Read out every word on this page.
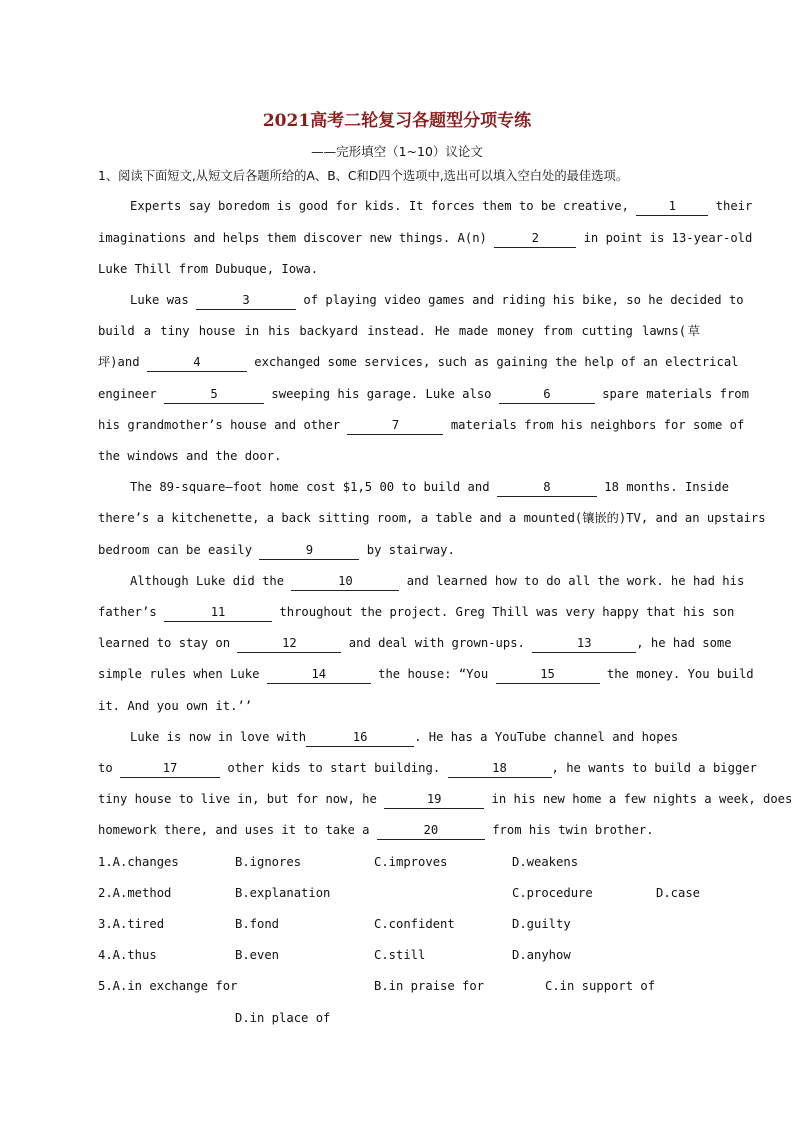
2021高考二轮复习各题型分项专练
——完形填空（1~10）议论文
1、阅读下面短文,从短文后各题所给的A、B、C和D四个选项中,选出可以填入空白处的最佳选项。
Experts say boredom is good for kids. It forces them to be creative,	1	their
imaginations and helps them discover new things. A(n)	2	in point is 13-year-old
Luke Thill from Dubuque, Iowa.
Luke was	3	of playing video games and riding his bike, so he decided to
build a tiny house in his backyard instead. He made money from cutting lawns(草
坪)and	4	exchanged some services, such as gaining the help of an electrical
engineer	5	sweeping his garage. Luke also	6	spare materials from
his grandmother’s house and other	7	materials from his neighbors for some of
the windows and the door.
The 89-square—foot home cost $1,5 00 to build and	8	18 months. Inside
there’s a kitchenette, a back sitting room, a table and a mounted(镶嵌的)TV, and an upstairs
bedroom can be easily	9	by stairway.
Although Luke did the	10	and learned how to do all the work. he had his
father’s	11	throughout the project. Greg Thill was very happy that his son
learned to stay on	12	and deal with grown-ups.	13	, he had some
simple rules when Luke	14	the house: “You	15	the money. You build
it. And you own it.’’
Luke is now in love with	16	. He has a YouTube channel and hopes
to	17	other kids to start building.	18	, he wants to build a bigger
tiny house to live in, but for now, he	19	in his new home a few nights a week, does
homework there, and uses it to take a	20	from his twin brother.
1.A.changes	B.ignores	C.improves	D.weakens
2.A.method	B.explanation	C.procedure	D.case
3.A.tired	B.fond	C.confident	D.guilty
4.A.thus	B.even	C.still	D.anyhow
5.A.in exchange for	B.in praise for	C.in support of
D.in place of
